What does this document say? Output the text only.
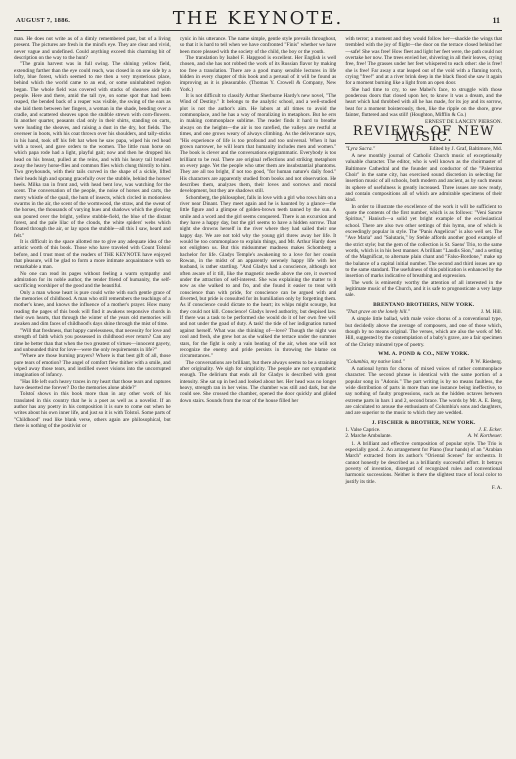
AUGUST 7, 1886.	THE KEYNOTE.	11

man. He does not write as of a dimly remembered past, but of a living present. The pictures are fresh in the mind's eye. They are clear and vivid, never vague and undefined. Could anything exceed this charming bit of description on the way to the hunt?

"The grain harvest was in full swing. The shining yellow field, extending farther than the eye could reach, was closed in on one side by a lofty, blue forest, which seemed to me then a very mysterious place, behind which the world came to an end, or some uninhabited region began. The whole field was covered with stacks of sheaves and with people. Here and there, amid the tall rye, on some spot that had been reaped, the bended back of a reaper was visible, the swing of the ears as she laid them between her fingers, a woman in the shade, bending over a cradle, and scattered sheaves upon the stubble strewn with corn-flowers. In another quarter, peasants clad only in their shirts, standing on carts, were loading the sheaves, and raising a dust in the dry, hot fields. The overseer in boots, with his coat thrown over his shoulders, and tally-sticks in his hand, took off his felt hat when he saw papa, wiped his red head with a towel, and gave orders to the women. The little roan horse on which papa rode had a light, playful gait; now and then he dropped his head on his breast, pulled at the reins, and with his heavy tail brushed away the heavy horse-flies and common flies which clung thirstily to him. Two greyhounds, with their tails curved in the shape of a sickle, lifted their heads high and sprang gracefully over the stubble, behind the horses' heels. Milka ran in front and, with head bent low, was watching for the scent. The conversation of the people, the noise of horses and carts, the merry whistle of the quail, the hum of insects, which circled in motionless swarms in the air, the scent of the wormwood, the straw, and the sweat of the horses, the thousands of varying hues and shadows which the glowing sun poured over the bright, yellow stubble-field, the blue of the distant forest, and the pale lilac of the clouds, the white spiders' webs which floated through the air, or lay upon the stubble—all this I saw, heard and felt."

It is difficult in the space allotted me to give any adequate idea of the artistic worth of this book. Those who have traveled with Count Tolstoï before, and I trust most of the readers of THE KEYNOTE have enjoyed that pleasure, will be glad to form a more intimate acquaintance with so remarkable a man.

No one can read its pages without feeling a warm sympathy and admiration for its noble author, the tender friend of humanity, the self-sacrificing worshiper of the good and the beautiful.

Only a man whose heart is pure could write with such gentle grace of the memories of childhood. A man who still remembers the teachings of a mother's knee, and knows the influence of a mother's prayer. How many reading the pages of this book will find it awakens responsive chords in their own hearts, that through the winter of the years old memories will awaken and dim faces of childhood's days shine through the mist of time.

"Will that freshness, that happy carelessness, that necessity for love and strength of faith which you possessed in childhood ever return? Can any time be better than that when the two greatest of virtues—innocent gayety, and unbounded thirst for love—were the only requirements in life?"

"Where are those burning prayers? Where is that best gift of all, those pure tears of emotion? The angel of comfort flew thither with a smile, and wiped away those tears, and instilled sweet visions into the uncorrupted imagination of infancy.

"Has life left such heavy traces in my heart that those tears and raptures have deserted me forever? Do the memories alone abide?"

Tolstoï shows in this book more than in any other work of his translated in this country that he is a poet as well as a novelist. If an author has any poetry in his composition it is sure to come out when he writes about his own inner life, and just so it is with Tolstoï. Some parts of "Childhood" read like blank verse, others again are philosophical, but there is nothing of the positivist or

cynic in his utterance. The name simple, gentle style prevails throughout, so that it is hard to tell when we have confronted "Finis" whether we have been more pleased with the society of the child, the boy or the youth.

The translation by Isabel F. Hapgood is excellent. Her English is well chosen, and she has not robbed the work of its Russian flavor by making too free a translation. There are a good many sensible lectures in life hidden in every chapter of this book and a perusal of it will be found as improving as it is pleasurable. (Thomas Y. Crowell & Company, New York.)

It is not difficult to classify Arthur Sherburne Hardy's new novel, "The Wind of Destiny." It belongs to the analytic school, and a well-studied plot is not the author's aim. He labors at all times to avoid the commonplace, and he has a way of moralizing in metaphors. But he errs in making commonplace sublime. The reader finds it hard to breathe always on the heights—the air is too rarefied, the valleys are restful at times, and one grows weary of always climbing. As the deliverance says, "His experience of life is too profound and too universal. When it has grown narrower, he will learn that humanity includes men and women." The book is clever and the conversations epigrammatic. Everybody is too brilliant to be real. There are original reflections and striking metaphors on every page. Yet the people who utter them are insubstantial phantoms. They are all too bright, if not too good, "for human nature's daily food." His characters are apparently studied from books and not observation. He describes them, analyzes them, their loves and sorrows and moral development, but they are shadows still.

Schomberg, the philosopher, falls in love with a girl who rows him on a river near Dinant. They meet again and he is haunted by a glance—the little figure and a glimpse of golden-brown teeth tanned by the sun. A smile and a word and the girl seems conquered. There is an excursion and they have a happy day, but the girl seems to have a hidden sorrow. That night she drowns herself in the river where they had sailed their one happy day. We are not told why the young girl threw away her life. It would be too commonplace to explain things, and Mr. Arthur Hardy does not enlighten us. But this midsummer madness makes Schomberg a bachelor for life. Gladys Temple's awakening to a love for her cousin Rowan, in the midst of an apparently serenely happy life with her husband, is rather startling. "And Gladys had a conscience, although not often aware of it till, like the magnetic needle above the ore, it swerved under the attraction of self-interest. She was explaining the matter to it now as she walked to and fro, and she found it easier to treat with conscience than with pride, for conscience can be argued with and diverted, but pride is consulted for its humiliation only by forgetting them. As if conscience could dictate to the heart; its whips might scourge, but they could not kill. Conscience! Gladys loved authority, but despised law. If there was a task to be performed she would do it of her own free will and not under the goad of duty. A task! the tide of her indignation turned against herself. What was she thinking of—love? Though the night was cool and fresh, she grew hot as she walked the terrace under the summer stars, for the fight is only a vain beating of the air, when one will not recognize the enemy and pride persists in throwing the blame on circumstances."

The conversations are brilliant, but there always seems to be a straining after originality. We sigh for simplicity. The people are not sympathetic enough. The delirium that ends all for Gladys is described with great intensity. She sat up in bed and looked about her. Her head was no longer heavy, strength ran in her veins. The chamber was still and dark, but she could see. She crossed the chamber, opened the door quickly and glided down stairs. Sounds from the roar of the house filled her

with terror; a moment and they would follow her—shackle the wings that trembled with the joy of flight—the door on the terrace closed behind her—safe! She was free! How fleet and light her feet were, the path could not overtake her now. The trees envied her, shivering in all their leaves, crying free, free! The grasses under her feet whispered to each other: she is free! she is free! Far away a star leaped out of the void with a flaming torch, crying "free!" and at a river brink deep in the black flood she saw it again for a moment burning like a light from an open door.

She had time to cry, to see Mabel's face, to struggle with those ponderous doors that closed upon her, to know it was a dream, and the heart which had throbbed with all he has made, for its joy and its sorrow, beat for a moment boisterously, then, like the ripple on the shore, grew fainter, fluttered and was still! (Houghton, Mifflin & Co.)

ERNEST DE LANCEY PIERSON.
REVIEWS OF NEW MUSIC.
"Lyra Sacra."	Edited by J. Graf, Baltimore, Md.

A new monthly journal of Catholic Church music of exceptionally valuable character. The editor, who is well known as the choirmaster of Baltimore Cathedral and the founder and conductor of the "Palestrina Choir" in the same city, has exercised sound discretion in selecting for insertion music of all schools, both modern and ancient, as by such means its sphere of usefulness is greatly increased. Three issues are now ready, and contain compositions all of which are admirable specimens of their kind.

In order to illustrate the excellence of the work it will be sufficient to quote the contents of the first number, which is as follows: "Veni Sancte Spiritus," Hanisch—a solid yet bright example of the ecclesiastical school. There are also two other settings of this hymn, one of which is exceedingly popular in style. The "Panis Angelicus" is also well set. The "Ave Maria" and "Salutaris," by Stehle affords another good example of the strict style; but the gem of the collection is St. Saens' Trio, to the same words, which is in his best manner. A brilliant "Laudis Sion," and a setting of the Magnificat, to alternate plain chant and "Falso-Bordone," make up the balance of a capital initial number. The second and third issues are up to the same standard. The usefulness of this publication is enhanced by the insertion of marks indicative of breathing and expression.

The work is eminently worthy the attention of all interested in the legitimate music of the Church, and it is safe to prognosticate a very large sale.

BRENTANO BROTHERS, NEW YORK.
"That grave on the lonely hill."	J. M. Hill.

A simple little ballad, with male voice chorus of a conventional type, but decidedly above the average of composers, and one of those which, though by no means original. The verses, which are also the work of Mr. Hill, suggested by the contemplation of a baby's grave, are a fair specimen of the Christy minstrel type of poetry.

WM. A. POND & CO., NEW YORK.
"Columbia, my native land."	P. W. Riesberg.

A national hymn for chorus of mixed voices of rather commonplace character. The second phrase is identical with the same portion of a popular song in "Adonis." The part writing is by no means faultless, the wide distribution of parts in more than one instance being ineffective, to say nothing of faulty progressions, such as the hidden octaves between extreme parts in bars 1 and 2, second brace. The words by Mr. A. E. Berg, are calculated to arouse the enthusiasm of Columbia's sons and daughters, and are superior to the music to which they are wedded.

J. FISCHER & BROTHER, NEW YORK.
1. Valse Caprice.	J. E. Ecker.
2. Marche Ambulante.	A. W. Kortheuer.

1. A brilliant and effective composition of popular style. The Trio is especially good. 2. An arrangement for Piano (four hands) of an "Arabian March" extracted from its author's "Oriental Scenes" for orchestra. It cannot honestly be described as a brilliantly successful effort. It betrays poverty of invention, disregard of recognized rules and conventional harmonic successions. Neither is there the slightest trace of local color to justify its title.

F. A.
